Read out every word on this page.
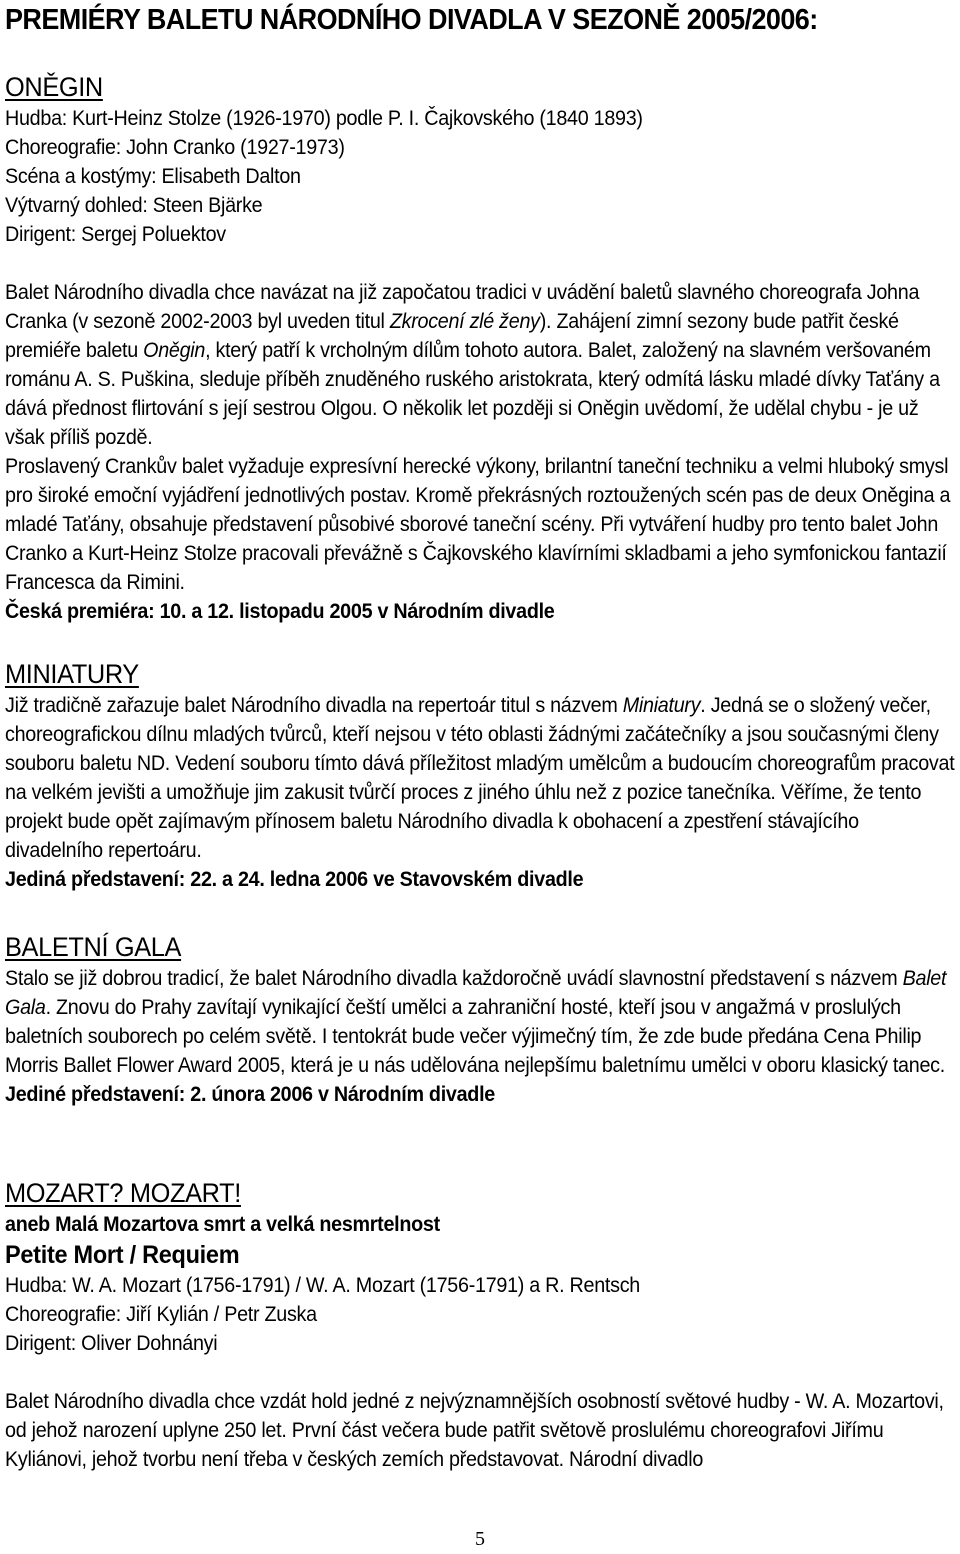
PREMIÉRY BALETU NÁRODNÍHO DIVADLA V SEZONĚ 2005/2006:

ONĚGIN

Hudba: Kurt-Heinz Stolze (1926-1970) podle P. I. Čajkovského (1840 1893)

Choreografie: John Cranko (1927-1973)

Scéna a kostýmy: Elisabeth Dalton

Výtvarný dohled: Steen Bjärke

Dirigent: Sergej Poluektov

Balet Národního divadla chce navázat na již započatou tradici v uvádění baletů slavného choreografa Johna Cranka (v sezoně 2002-2003 byl uveden titul Zkrocení zlé ženy). Zahájení zimní sezony bude patřit české premiéře baletu Oněgin, který patří k vrcholným dílům tohoto autora. Balet, založený na slavném veršovaném románu A. S. Puškina, sleduje příběh znuděného ruského aristokrata, který odmítá lásku mladé dívky Taťány a dává přednost flirtování s její sestrou Olgou. O několik let později si Oněgin uvědomí, že udělal chybu - je už však příliš pozdě.

Proslavený Crankův balet vyžaduje expresívní herecké výkony, brilantní taneční techniku a velmi hluboký smysl pro široké emoční vyjádření jednotlivých postav. Kromě překrásných roztoužených scén pas de deux Oněgina a mladé Taťány, obsahuje představení působivé sborové taneční scény. Při vytváření hudby pro tento balet John Cranko a Kurt-Heinz Stolze pracovali převážně s Čajkovského klavírními skladbami a jeho symfonickou fantazií Francesca da Rimini.

Česká premiéra: 10. a 12. listopadu 2005 v Národním divadle

MINIATURY

Již tradičně zařazuje balet Národního divadla na repertoár titul s názvem Miniatury. Jedná se o složený večer, choreografickou dílnu mladých tvůrců, kteří nejsou v této oblasti žádnými začátečníky a jsou současnými členy souboru baletu ND. Vedení souboru tímto dává příležitost mladým umělcům a budoucím choreografům pracovat na velkém jevišti a umožňuje jim zakusit tvůrčí proces z jiného úhlu než z pozice tanečníka. Věříme, že tento projekt bude opět zajímavým přínosem baletu Národního divadla k obohacení a zpestření stávajícího divadelního repertoáru.

Jediná představení: 22. a 24. ledna 2006 ve Stavovském divadle

BALETNÍ GALA

Stalo se již dobrou tradicí, že balet Národního divadla každoročně uvádí slavnostní představení s názvem Balet Gala. Znovu do Prahy zavítají vynikající čeští umělci a zahraniční hosté, kteří jsou v angažmá v proslulých baletních souborech po celém světě. I tentokrát bude večer výjimečný tím, že zde bude předána Cena Philip Morris Ballet Flower Award 2005, která je u nás udělována nejlepšímu baletnímu umělci v oboru klasický tanec.

Jediné představení: 2. února 2006 v Národním divadle

MOZART? MOZART!

aneb Malá Mozartova smrt a velká nesmrtelnost

Petite Mort / Requiem

Hudba: W. A. Mozart (1756-1791) / W. A. Mozart (1756-1791) a R. Rentsch

Choreografie: Jiří Kylián / Petr Zuska

Dirigent: Oliver Dohnányi

Balet Národního divadla chce vzdát hold jedné z nejvýznamnějších osobností světové hudby - W. A. Mozartovi, od jehož narození uplyne 250 let. První část večera bude patřit světově proslulému choreografovi Jiřímu Kyliánovi, jehož tvorbu není třeba v českých zemích představovat. Národní divadlo

5
